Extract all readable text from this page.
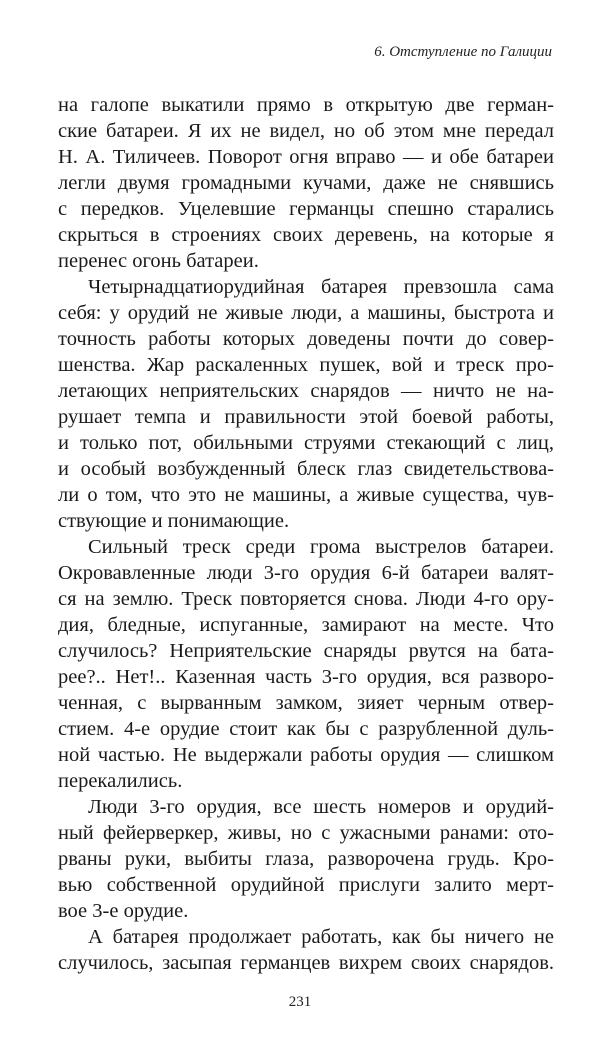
6. Отступление по Галиции
на галопе выкатили прямо в открытую две герман-
ские батареи. Я их не видел, но об этом мне передал
Н. А. Тиличеев. Поворот огня вправо — и обе батареи
легли двумя громадными кучами, даже не снявшись
с передков. Уцелевшие германцы спешно старались
скрыться в строениях своих деревень, на которые я
перенес огонь батареи.
Четырнадцатиорудийная батарея превзошла сама
себя: у орудий не живые люди, а машины, быстрота и
точность работы которых доведены почти до совер-
шенства. Жар раскаленных пушек, вой и треск про-
летающих неприятельских снарядов — ничто не на-
рушает темпа и правильности этой боевой работы,
и только пот, обильными струями стекающий с лиц,
и особый возбужденный блеск глаз свидетельствова-
ли о том, что это не машины, а живые существа, чув-
ствующие и понимающие.
Сильный треск среди грома выстрелов батареи.
Окровавленные люди 3-го орудия 6-й батареи валят-
ся на землю. Треск повторяется снова. Люди 4-го ору-
дия, бледные, испуганные, замирают на месте. Что
случилось? Неприятельские снаряды рвутся на бата-
рее?.. Нет!.. Казенная часть 3-го орудия, вся разворо-
ченная, с вырванным замком, зияет черным отвер-
стием. 4-е орудие стоит как бы с разрубленной дуль-
ной частью. Не выдержали работы орудия — слишком
перекалились.
Люди 3-го орудия, все шесть номеров и орудий-
ный фейерверкер, живы, но с ужасными ранами: ото-
рваны руки, выбиты глаза, разворочена грудь. Кро-
вью собственной орудийной прислуги залито мерт-
вое 3-е орудие.
А батарея продолжает работать, как бы ничего не
случилось, засыпая германцев вихрем своих снарядов.
231
